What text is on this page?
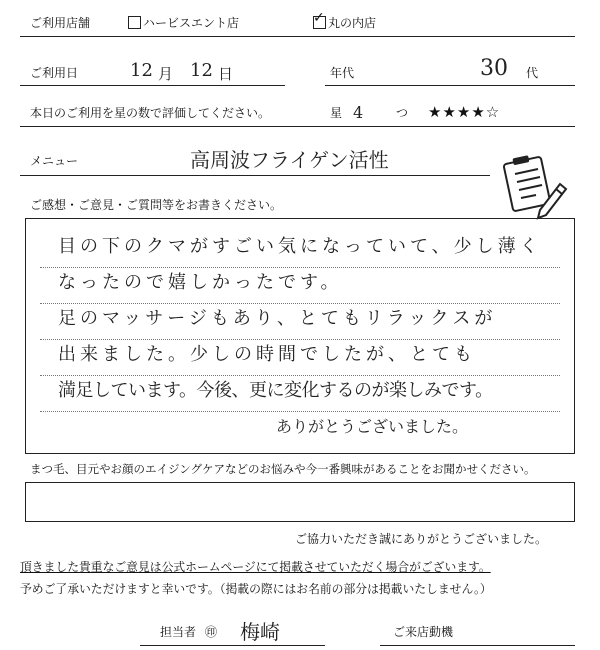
ご利用店舗	ハービスエント店
✓	丸の内店
ご利用日	12 月 12 日	年代	30 代
本日のご利用を星の数で評価してください。	星 4	つ ★★★★☆
メニュー	高周波フライゲン活性
ご感想・ご意見・ご質問等をお書きください。
目の下のクマがすごい気になっていて、少し薄く
なったので嬉しかったです。
足のマッサージもあり、とてもリラックスが
出来ました。少しの時間でしたが、とても
満足しています。今後、更に変化するのが楽しみです。
ありがとうございました。
まつ毛、目元やお顔のエイジングケアなどのお悩みや今一番興味があることをお聞かせください。
ご協力いただき誠にありがとうございました。
頂きました貴重なご意見は公式ホームページにて掲載させていただく場合がございます。
予めご了承いただけますと幸いです。（掲載の際にはお名前の部分は掲載いたしません。）
担当者 ㊞ 梅崎	ご来店動機
